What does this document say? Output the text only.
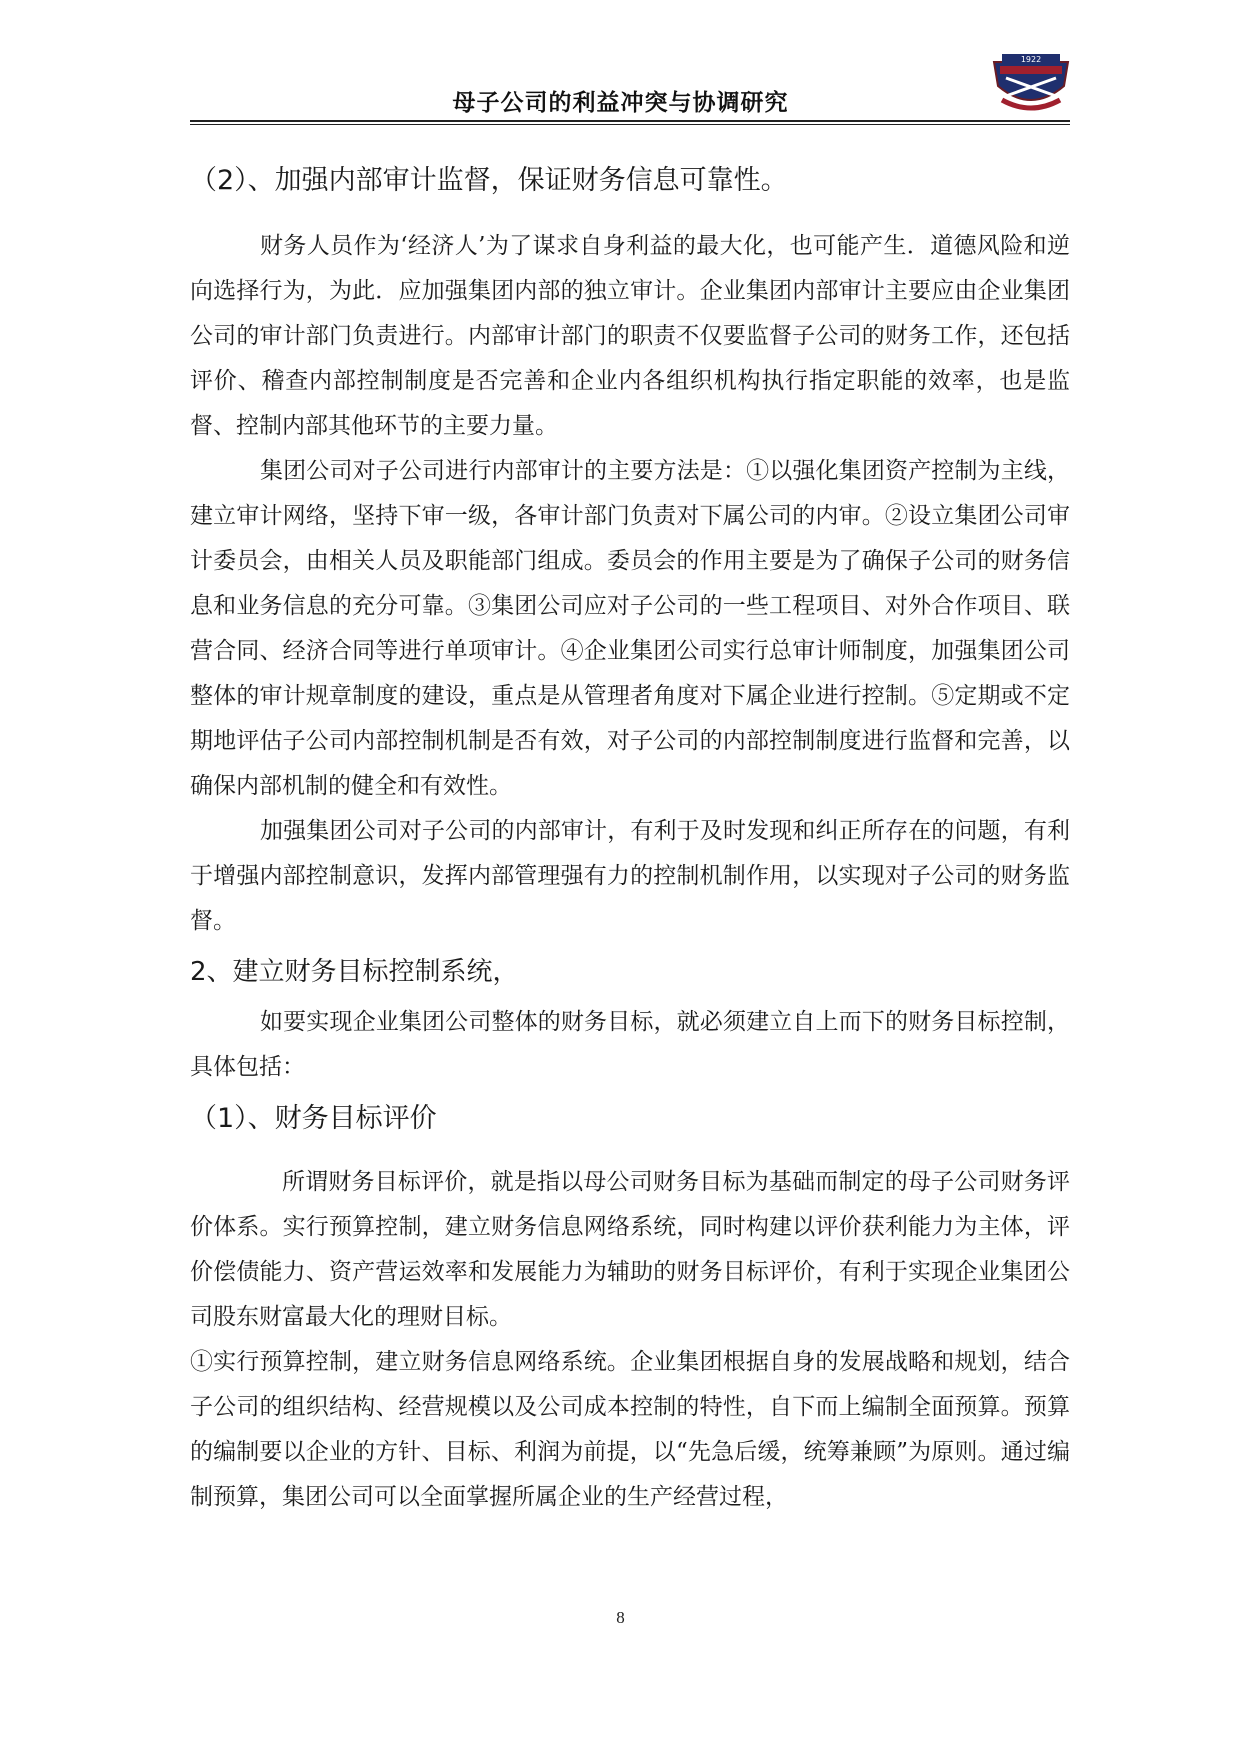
母子公司的利益冲突与协调研究
1922

（2）、加强内部审计监督，保证财务信息可靠性。

财务人员作为‘经济人’为了谋求自身利益的最大化，也可能产生．道德风险和逆向选择行为，为此．应加强集团内部的独立审计。企业集团内部审计主要应由企业集团公司的审计部门负责进行。内部审计部门的职责不仅要监督子公司的财务工作，还包括评价、稽查内部控制制度是否完善和企业内各组织机构执行指定职能的效率，也是监督、控制内部其他环节的主要力量。

集团公司对子公司进行内部审计的主要方法是：①以强化集团资产控制为主线，建立审计网络，坚持下审一级，各审计部门负责对下属公司的内审。②设立集团公司审计委员会，由相关人员及职能部门组成。委员会的作用主要是为了确保子公司的财务信息和业务信息的充分可靠。③集团公司应对子公司的一些工程项目、对外合作项目、联营合同、经济合同等进行单项审计。④企业集团公司实行总审计师制度，加强集团公司整体的审计规章制度的建设，重点是从管理者角度对下属企业进行控制。⑤定期或不定期地评估子公司内部控制机制是否有效，对子公司的内部控制制度进行监督和完善，以确保内部机制的健全和有效性。

加强集团公司对子公司的内部审计，有利于及时发现和纠正所存在的问题，有利于增强内部控制意识，发挥内部管理强有力的控制机制作用，以实现对子公司的财务监督。

2、建立财务目标控制系统，

如要实现企业集团公司整体的财务目标，就必须建立自上而下的财务目标控制，具体包括：

（1）、财务目标评价

所谓财务目标评价，就是指以母公司财务目标为基础而制定的母子公司财务评价体系。实行预算控制，建立财务信息网络系统，同时构建以评价获利能力为主体，评价偿债能力、资产营运效率和发展能力为辅助的财务目标评价，有利于实现企业集团公司股东财富最大化的理财目标。

①实行预算控制，建立财务信息网络系统。企业集团根据自身的发展战略和规划，结合子公司的组织结构、经营规模以及公司成本控制的特性，自下而上编制全面预算。预算的编制要以企业的方针、目标、利润为前提，以“先急后缓，统筹兼顾”为原则。通过编制预算，集团公司可以全面掌握所属企业的生产经营过程，

8
